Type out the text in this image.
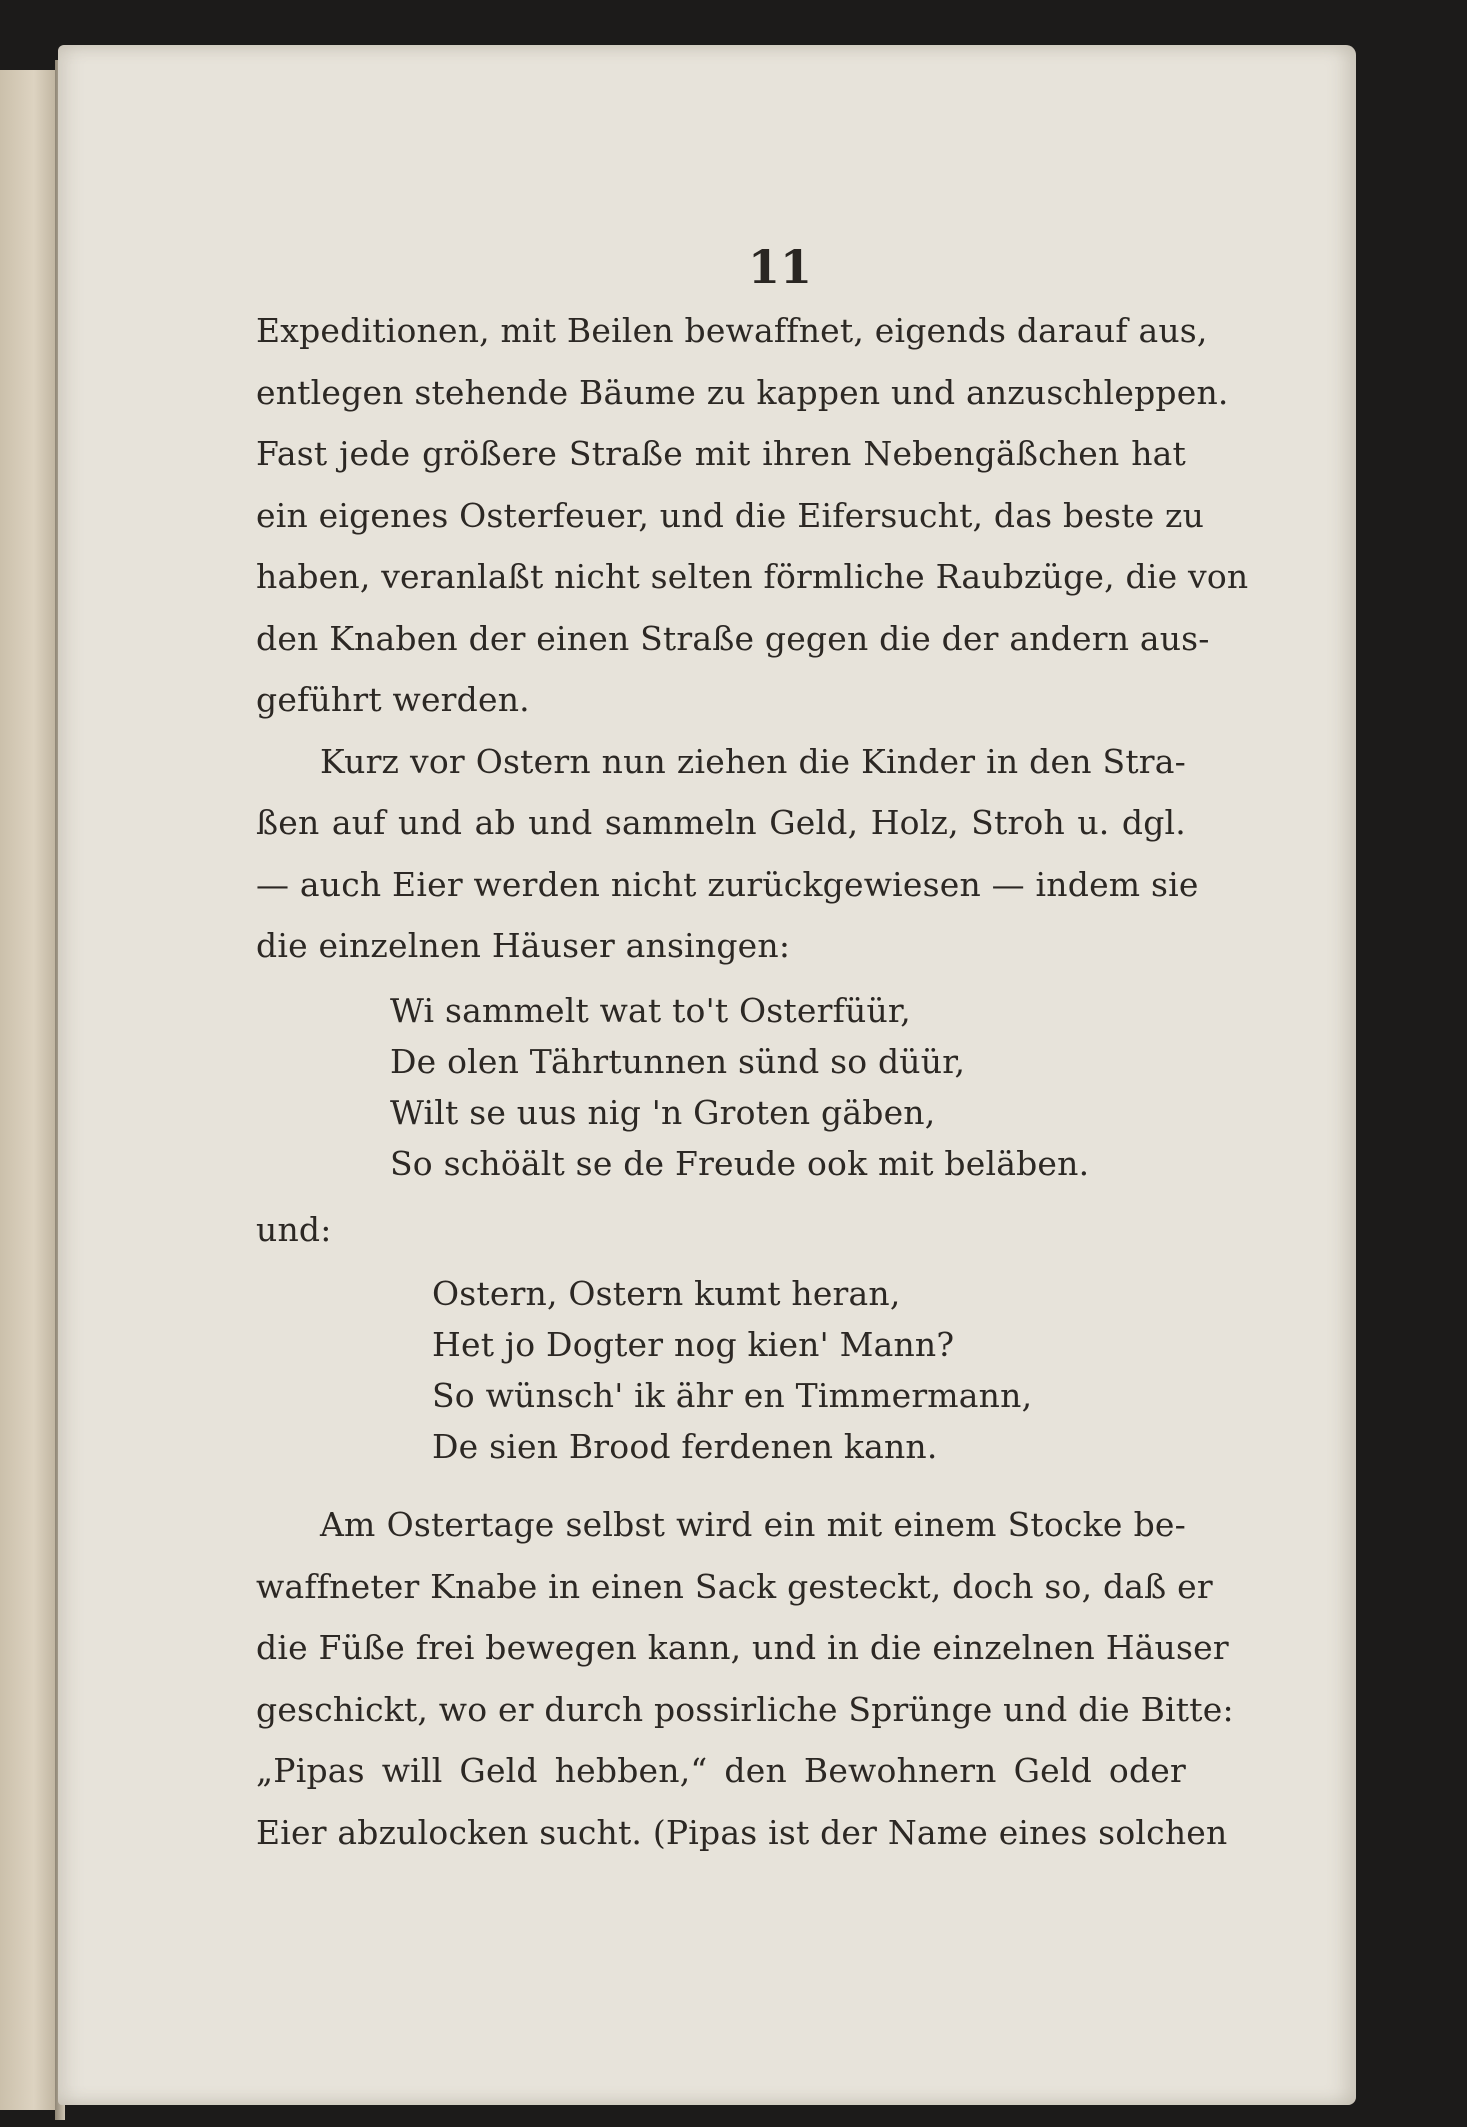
11
Expeditionen, mit Beilen bewaffnet, eigends darauf aus,
entlegen stehende Bäume zu kappen und anzuschleppen.
Fast jede größere Straße mit ihren Nebengäßchen hat
ein eigenes Osterfeuer, und die Eifersucht, das beste zu
haben, veranlaßt nicht selten förmliche Raubzüge, die von
den Knaben der einen Straße gegen die der andern aus-
geführt werden.
Kurz vor Ostern nun ziehen die Kinder in den Stra-
ßen auf und ab und sammeln Geld, Holz, Stroh u. dgl.
— auch Eier werden nicht zurückgewiesen — indem sie
die einzelnen Häuser ansingen:
Wi sammelt wat to't Osterfüür,
De olen Tährtunnen sünd so düür,
Wilt se uus nig 'n Groten gäben,
So schöält se de Freude ook mit beläben.
und:
Ostern, Ostern kumt heran,
Het jo Dogter nog kien' Mann?
So wünsch' ik ähr en Timmermann,
De sien Brood ferdenen kann.
Am Ostertage selbst wird ein mit einem Stocke be-
waffneter Knabe in einen Sack gesteckt, doch so, daß er
die Füße frei bewegen kann, und in die einzelnen Häuser
geschickt, wo er durch possirliche Sprünge und die Bitte:
„Pipas will Geld hebben,“ den Bewohnern Geld oder
Eier abzulocken sucht. (Pipas ist der Name eines solchen
